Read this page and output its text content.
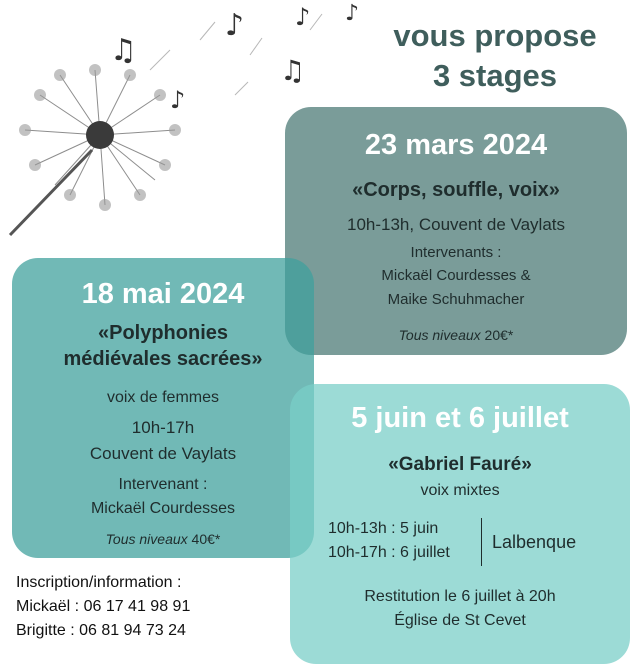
♫
♪
♫
♪
♪ ♪
vous propose
3 stages
23 mars 2024
«Corps, souffle, voix»
10h-13h, Couvent de Vaylats
Intervenants :
Mickaël Courdesses &
Maike Schuhmacher
Tous niveaux 20€*
18 mai 2024
«Polyphonies
médiévales sacrées»
voix de femmes
10h-17h
Couvent de Vaylats
Intervenant :
Mickaël Courdesses
Tous niveaux 40€*
5 juin et 6 juillet
«Gabriel Fauré»
voix mixtes
10h-13h : 5 juin
10h-17h : 6 juillet
Lalbenque
Restitution le 6 juillet à 20h
Église de St Cevet
Inscription/information :
Mickaël : 06 17 41 98 91
Brigitte : 06 81 94 73 24
